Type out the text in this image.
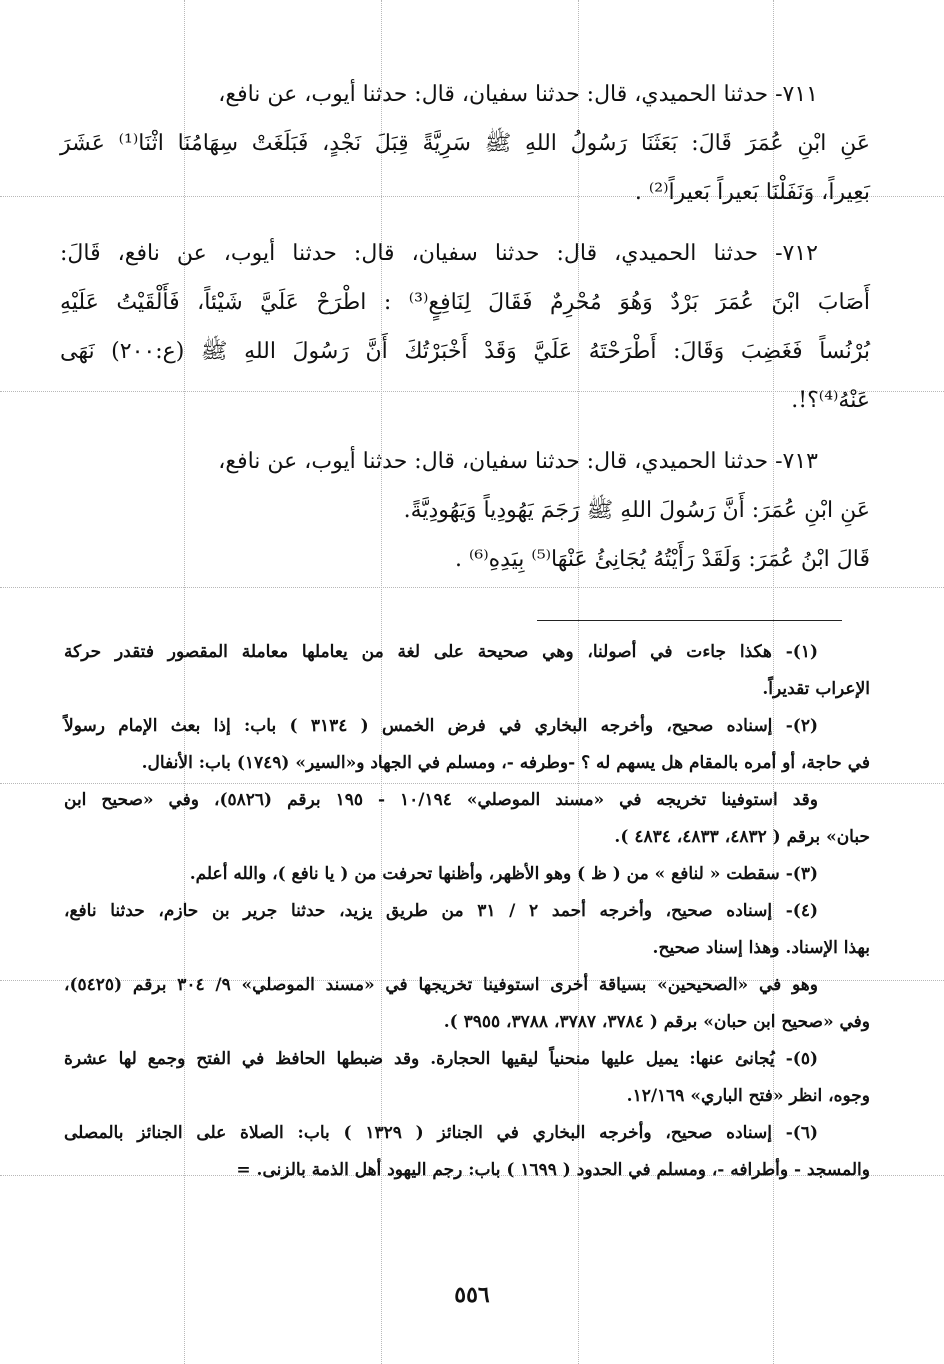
٧١١- حدثنا الحميدي، قال: حدثنا سفيان، قال: حدثنا أيوب، عن نافع،
عَنِ ابْنِ عُمَرَ قَالَ: بَعَثَنَا رَسُولُ اللهِ ﷺ سَرِيَّةً قِبَلَ نَجْدٍ، فَبَلَغَتْ سِهَامُنَا اثْنَا⁽¹⁾ عَشَرَ
بَعِيراً، وَنَفَلْنَا بَعيراً بَعيراً⁽²⁾ .
٧١٢- حدثنا الحميدي، قال: حدثنا سفيان، قال: حدثنا أيوب، عن نافع، قَالَ:
أَصَابَ ابْنَ عُمَرَ بَرْدٌ وَهُوَ مُحْرِمٌ فَقَالَ لِنَافِعٍ⁽³⁾ : اطْرَحْ عَلَيَّ شَيْئاً، فَأَلْقَيْتُ عَلَيْهِ
بُرْنُساً فَغَضِبَ وَقَالَ: أَطْرَحْتَهُ عَلَيَّ وَقَدْ أَخْبَرْتُكَ أَنَّ رَسُولَ اللهِ ﷺ (ع:٢٠٠) نَهَى
عَنْهُ⁽⁴⁾؟!.
٧١٣- حدثنا الحميدي، قال: حدثنا سفيان، قال: حدثنا أيوب، عن نافع،
عَنِ ابْنِ عُمَرَ: أَنَّ رَسُولَ اللهِ ﷺ رَجَمَ يَهُودِياً وَيَهُودِيَّةً.
قَالَ ابْنُ عُمَرَ: وَلَقَدْ رَأَيْتُهُ يُجَانِئُ عَنْهَا⁽⁵⁾ بِيَدِهِ⁽⁶⁾ .
(١)- هكذا جاءت في أصولنا، وهي صحيحة على لغة من يعاملها معاملة المقصور فتقدر حركة
الإعراب تقديراً.
(٢)- إسناده صحيح، وأخرجه البخاري في فرض الخمس ( ٣١٣٤ ) باب: إذا بعث الإمام رسولاً
في حاجة، أو أمره بالمقام هل يسهم له ؟ -وطرفه -، ومسلم في الجهاد و«السير» (١٧٤٩) باب: الأنفال.
وقد استوفينا تخريجه في «مسند الموصلي» ١٠/١٩٤ - ١٩٥ برقم (٥٨٢٦)، وفي «صحيح ابن
حبان» برقم ( ٤٨٣٢، ٤٨٣٣، ٤٨٣٤ ).
(٣)- سقطت « لنافع » من ( ظ ) وهو الأظهر، وأظنها تحرفت من ( يا نافع )، والله أعلم.
(٤)- إسناده صحيح، وأخرجه أحمد ٢ / ٣١ من طريق يزيد، حدثنا جرير بن حازم، حدثنا نافع،
بهذا الإسناد. وهذا إسناد صحيح.
وهو في «الصحيحين» بسياقة أخرى استوفينا تخريجها في «مسند الموصلي» ٩/ ٣٠٤ برقم (٥٤٢٥)،
وفي «صحيح ابن حبان» برقم ( ٣٧٨٤، ٣٧٨٧، ٣٧٨٨، ٣٩٥٥ ).
(٥)- يُجانئ عنها: يميل عليها منحنياً ليقيها الحجارة. وقد ضبطها الحافظ في الفتح وجمع لها عشرة
وجوه، انظر «فتح الباري» ١٢/١٦٩.
(٦)- إسناده صحيح، وأخرجه البخاري في الجنائز ( ١٣٢٩ ) باب: الصلاة على الجنائز بالمصلى
والمسجد - وأطرافه -، ومسلم في الحدود ( ١٦٩٩ ) باب: رجم اليهود أهل الذمة بالزنى. =
٥٥٦
